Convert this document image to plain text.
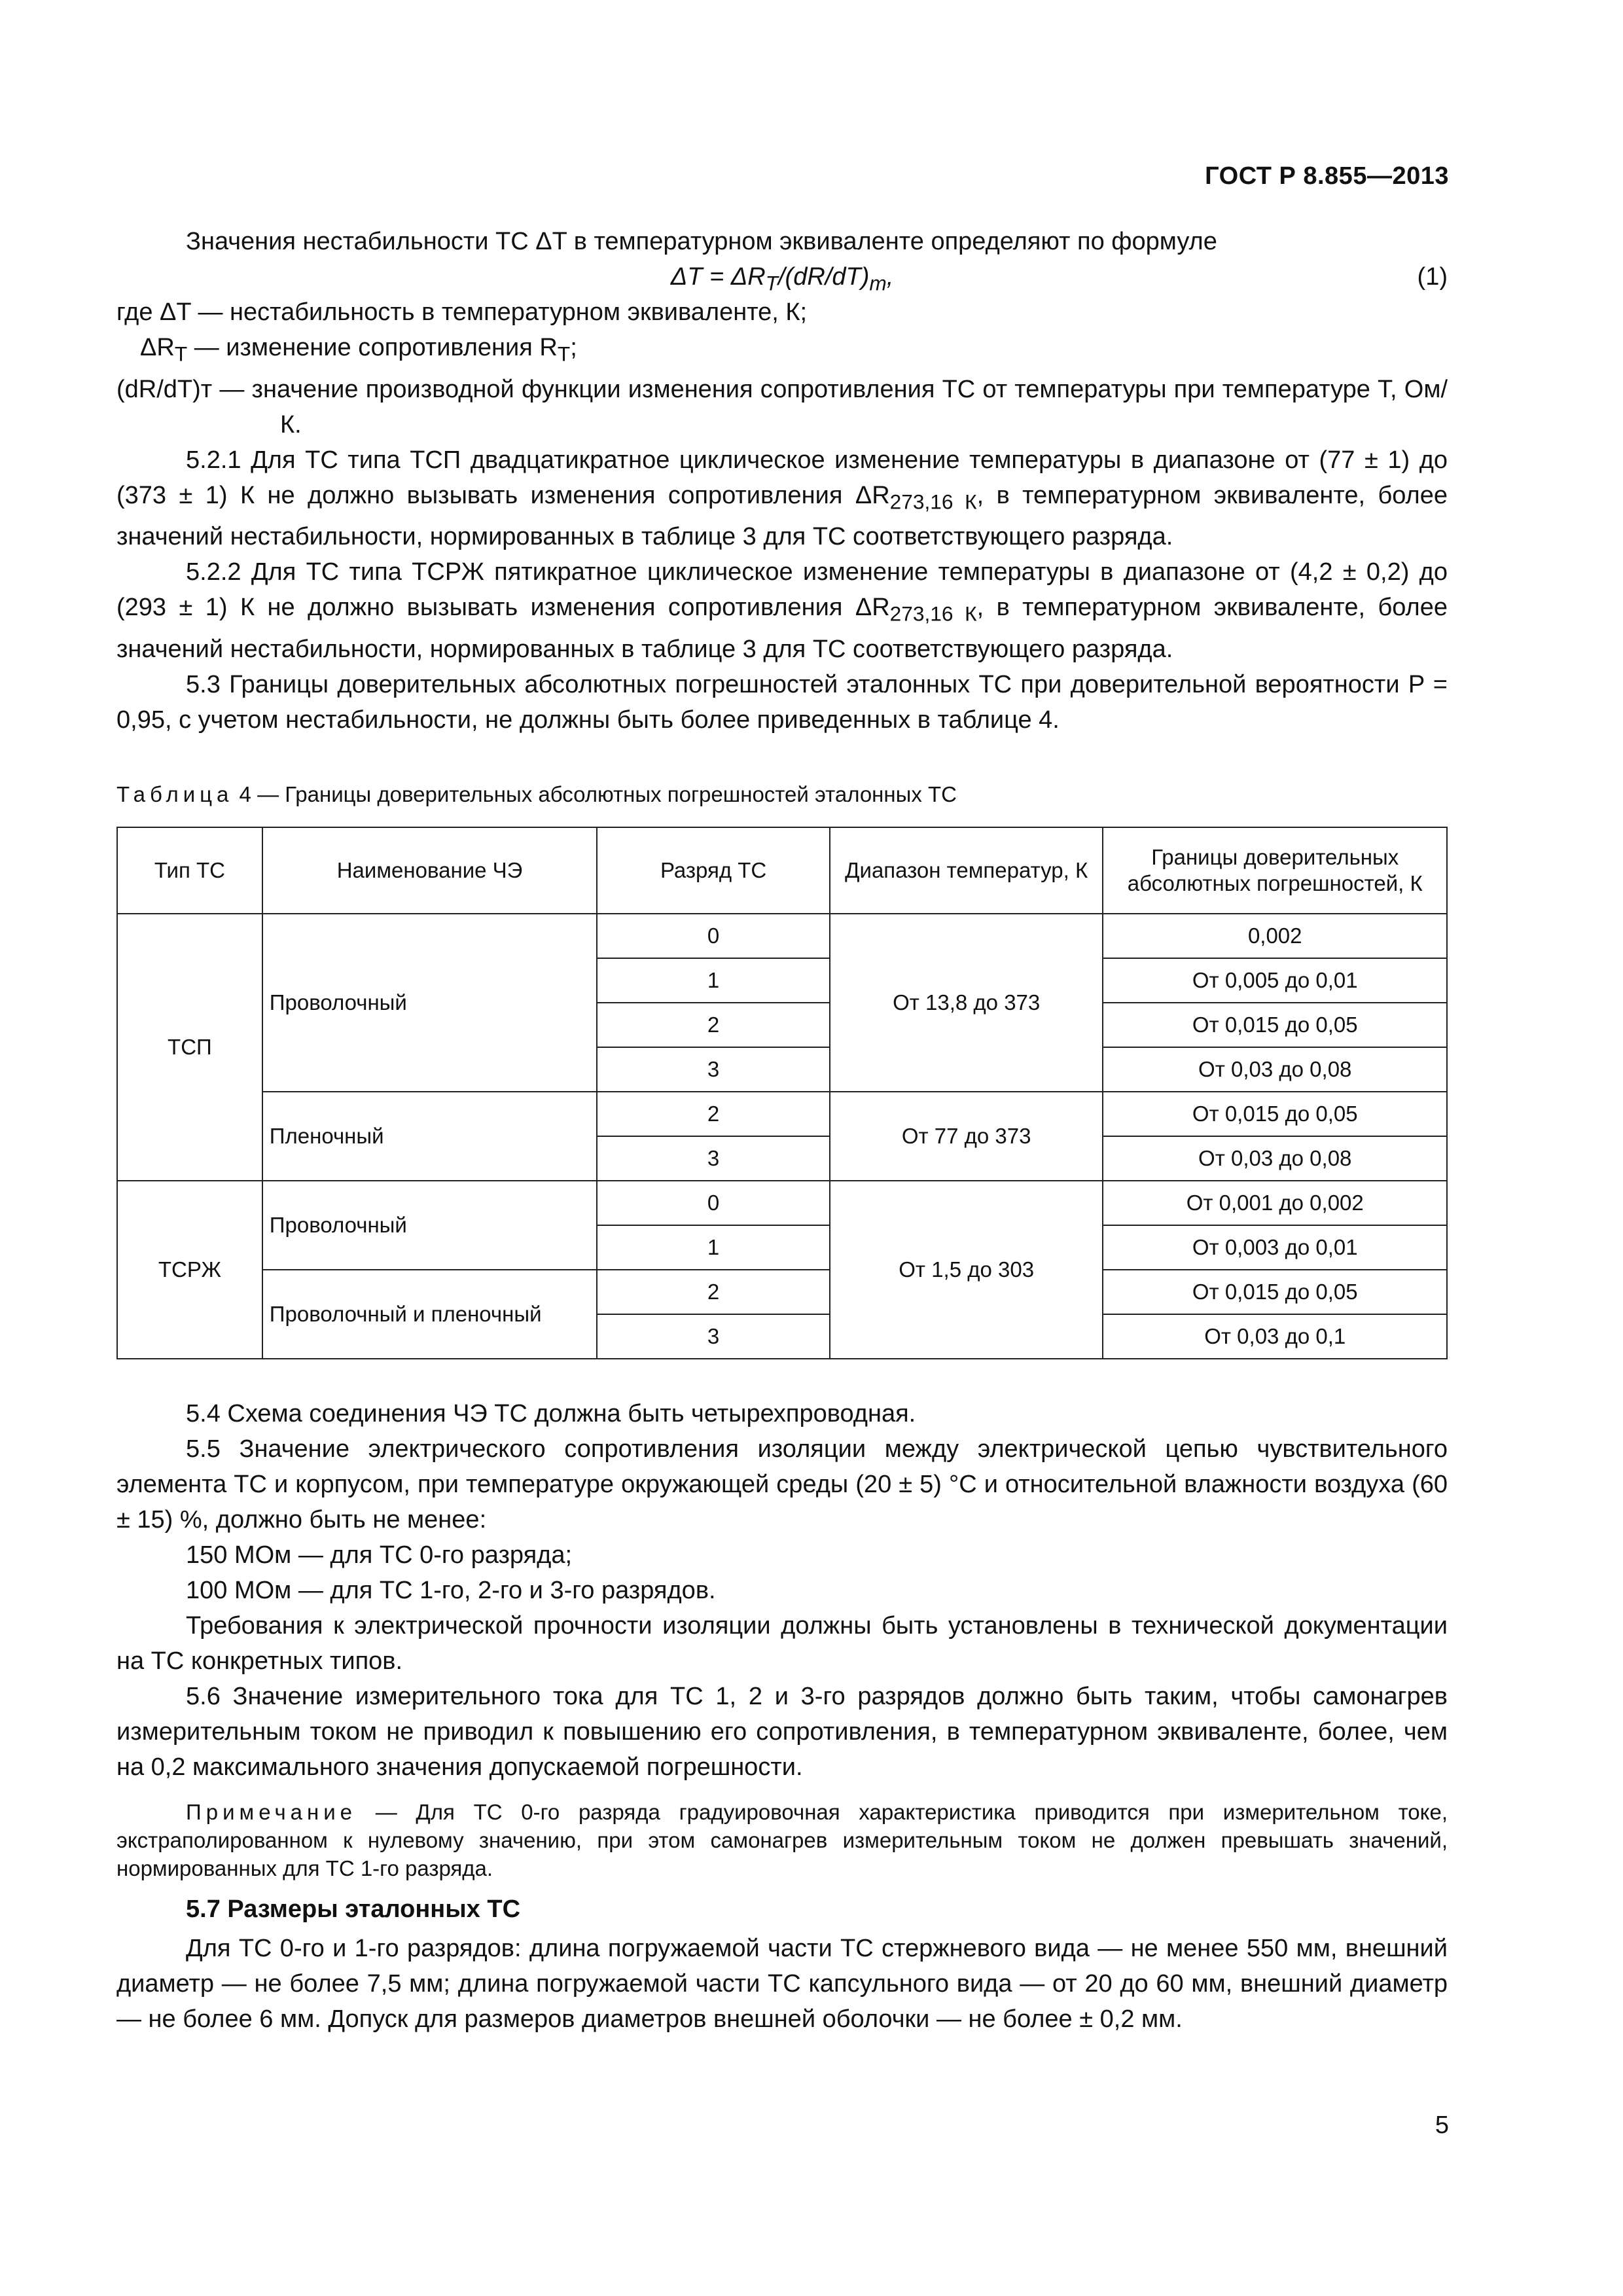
ГОСТ Р 8.855—2013

Значения нестабильности ТС ΔT в температурном эквиваленте определяют по формуле

$\Delta T = \Delta R_T/(dR/dT)_т$,	(1)

где ΔT — нестабильность в температурном эквиваленте, К;

$\Delta R_T$ — изменение сопротивления $R_T$;

(dR/dT)т — значение производной функции изменения сопротивления ТС от температуры при температуре T, Ом/К.

5.2.1 Для ТС типа ТСП двадцатикратное циклическое изменение температуры в диапазоне от (77 ± 1) до (373 ± 1) К не должно вызывать изменения сопротивления $\Delta R_{273,16 К}$, в температурном эквиваленте, более значений нестабильности, нормированных в таблице 3 для ТС соответствующего разряда.

5.2.2 Для ТС типа ТСРЖ пятикратное циклическое изменение температуры в диапазоне от (4,2 ± 0,2) до (293 ± 1) К не должно вызывать изменения сопротивления $\Delta R_{273,16 К}$, в температурном эквиваленте, более значений нестабильности, нормированных в таблице 3 для ТС соответствующего разряда.

5.3 Границы доверительных абсолютных погрешностей эталонных ТС при доверительной вероятности P = 0,95, с учетом нестабильности, не должны быть более приведенных в таблице 4.

Таблица 4 — Границы доверительных абсолютных погрешностей эталонных ТС
Тип ТС	Наименование ЧЭ	Разряд ТС	Диапазон температур, К	Границы доверительных абсолютных погрешностей, К
ТСП	Проволочный	0	От 13,8 до 373	0,002
		1		От 0,005 до 0,01
		2		От 0,015 до 0,05
		3		От 0,03 до 0,08
	Пленочный	2	От 77 до 373	От 0,015 до 0,05
		3		От 0,03 до 0,08
ТСРЖ	Проволочный	0	От 1,5 до 303	От 0,001 до 0,002
		1		От 0,003 до 0,01
	Проволочный и пленочный	2		От 0,015 до 0,05
		3		От 0,03 до 0,1

5.4 Схема соединения ЧЭ ТС должна быть четырехпроводная.

5.5 Значение электрического сопротивления изоляции между электрической цепью чувствительного элемента ТС и корпусом, при температуре окружающей среды (20 ± 5) °С и относительной влажности воздуха (60 ± 15) %, должно быть не менее:

150 МОм — для ТС 0-го разряда;

100 МОм — для ТС 1-го, 2-го и 3-го разрядов.

Требования к электрической прочности изоляции должны быть установлены в технической документации на ТС конкретных типов.

5.6 Значение измерительного тока для ТС 1, 2 и 3-го разрядов должно быть таким, чтобы самонагрев измерительным током не приводил к повышению его сопротивления, в температурном эквиваленте, более, чем на 0,2 максимального значения допускаемой погрешности.

Примечание — Для ТС 0-го разряда градуировочная характеристика приводится при измерительном токе, экстраполированном к нулевому значению, при этом самонагрев измерительным током не должен превышать значений, нормированных для ТС 1-го разряда.

5.7 Размеры эталонных ТС

Для ТС 0-го и 1-го разрядов: длина погружаемой части ТС стержневого вида — не менее 550 мм, внешний диаметр — не более 7,5 мм; длина погружаемой части ТС капсульного вида — от 20 до 60 мм, внешний диаметр — не более 6 мм. Допуск для размеров диаметров внешней оболочки — не более ± 0,2 мм.

5
